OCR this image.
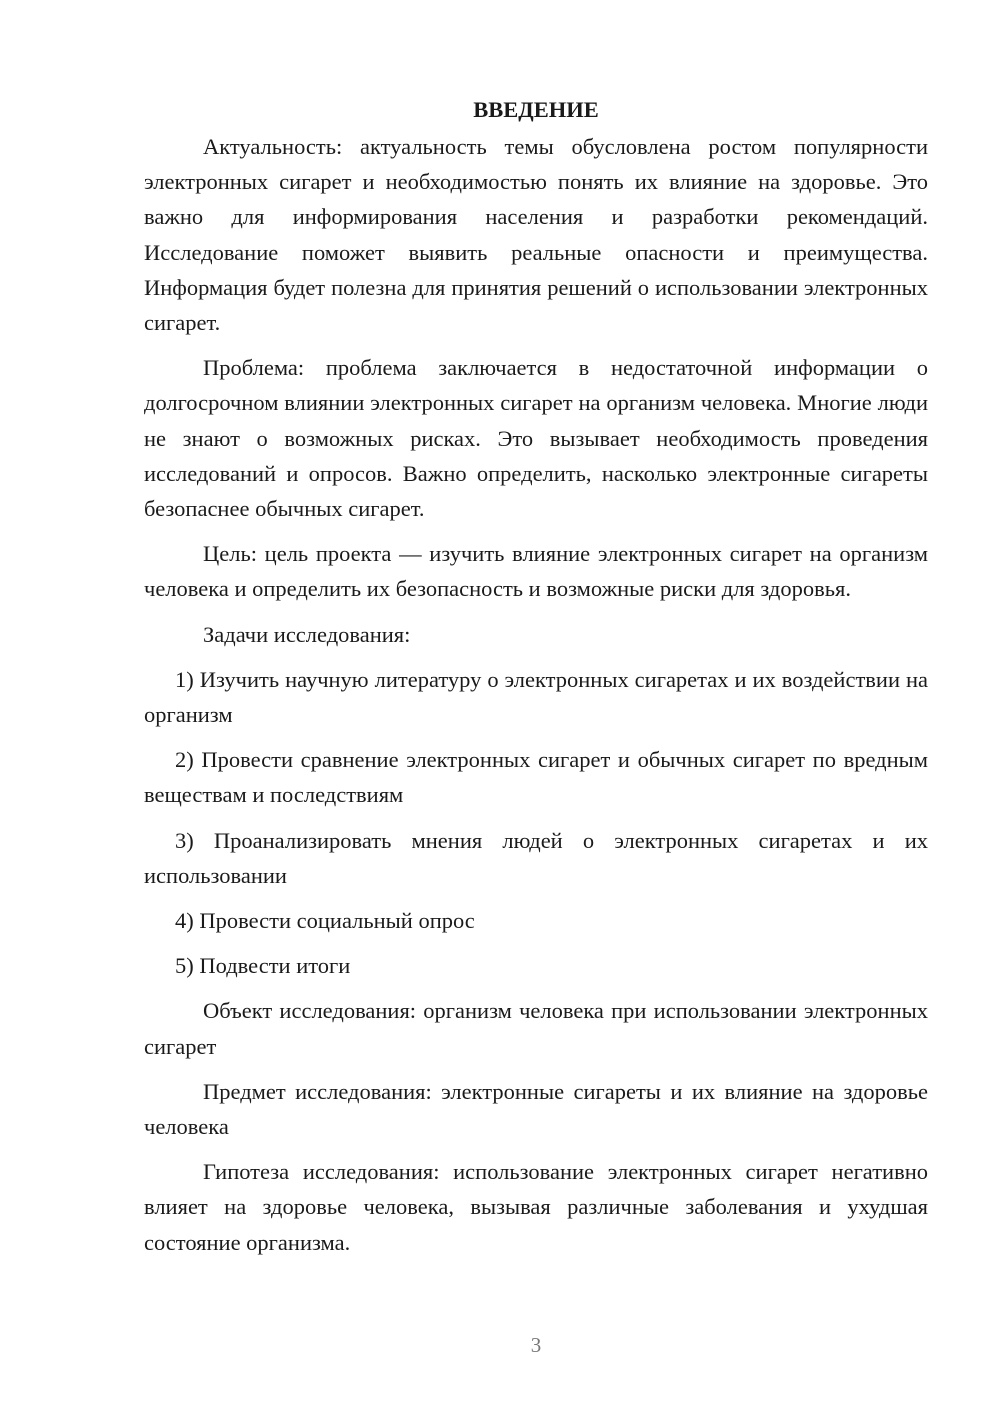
ВВЕДЕНИЕ

Актуальность: актуальность темы обусловлена ростом популярности электронных сигарет и необходимостью понять их влияние на здоровье. Это важно для информирования населения и разработки рекомендаций. Исследование поможет выявить реальные опасности и преимущества. Информация будет полезна для принятия решений о использовании электронных сигарет.

Проблема: проблема заключается в недостаточной информации о долгосрочном влиянии электронных сигарет на организм человека. Многие люди не знают о возможных рисках. Это вызывает необходимость проведения исследований и опросов. Важно определить, насколько электронные сигареты безопаснее обычных сигарет.

Цель: цель проекта — изучить влияние электронных сигарет на организм человека и определить их безопасность и возможные риски для здоровья.

Задачи исследования:

1) Изучить научную литературу о электронных сигаретах и их воздействии на организм

2) Провести сравнение электронных сигарет и обычных сигарет по вредным веществам и последствиям

3) Проанализировать мнения людей о электронных сигаретах и их использовании

4) Провести социальный опрос

5) Подвести итоги

Объект исследования: организм человека при использовании электронных сигарет

Предмет исследования: электронные сигареты и их влияние на здоровье человека

Гипотеза исследования: использование электронных сигарет негативно влияет на здоровье человека, вызывая различные заболевания и ухудшая состояние организма.

3
